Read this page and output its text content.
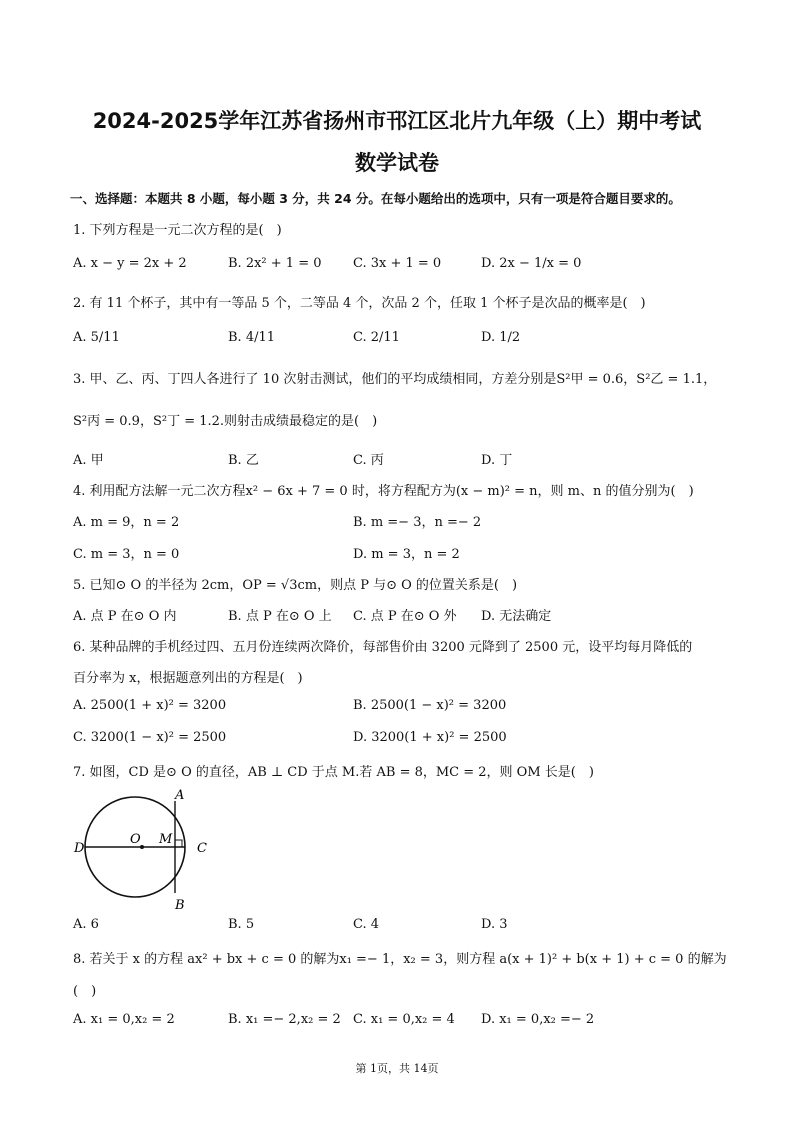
2024-2025学年江苏省扬州市邗江区北片九年级（上）期中考试
数学试卷
一、选择题：本题共 8 小题，每小题 3 分，共 24 分。在每小题给出的选项中，只有一项是符合题目要求的。
1. 下列方程是一元二次方程的是(　)
A. x − y = 2x + 2	B. 2x² + 1 = 0 C. 3x + 1 = 0	D. 2x − 1/x = 0
2. 有 11 个杯子，其中有一等品 5 个，二等品 4 个，次品 2 个，任取 1 个杯子是次品的概率是(　)
A. 5/11	B. 4/11	C. 2/11	D. 1/2
3. 甲、乙、丙、丁四人各进行了 10 次射击测试，他们的平均成绩相同，方差分别是S²甲 = 0.6，S²乙 = 1.1，
S²丙 = 0.9，S²丁 = 1.2.则射击成绩最稳定的是(　)
A. 甲	B. 乙	C. 丙	D. 丁
4. 利用配方法解一元二次方程x² − 6x + 7 = 0 时，将方程配方为(x − m)² = n，则 m、n 的值分别为(　)
A. m = 9，n = 2	B. m =− 3，n =− 2
C. m = 3，n = 0	D. m = 3，n = 2
5. 已知⊙ O 的半径为 2cm，OP = √3cm，则点 P 与⊙ O 的位置关系是(　)
A. 点 P 在⊙ O 内	B. 点 P 在⊙ O 上 C. 点 P 在⊙ O 外 D. 无法确定
6. 某种品牌的手机经过四、五月份连续两次降价，每部售价由 3200 元降到了 2500 元，设平均每月降低的
百分率为 x，根据题意列出的方程是(　)
A. 2500(1 + x)² = 3200	B. 2500(1 − x)² = 3200
C. 3200(1 − x)² = 2500	D. 3200(1 + x)² = 2500
7. 如图，CD 是⊙ O 的直径，AB ⊥ CD 于点 M.若 AB = 8，MC = 2，则 OM 长是(　)
A
B
C
D
O M
A. 6	B. 5	C. 4	D. 3
8. 若关于 x 的方程 ax² + bx + c = 0 的解为x₁ =− 1，x₂ = 3，则方程 a(x + 1)² + b(x + 1) + c = 0 的解为
(　)
A. x₁ = 0,x₂ = 2	B. x₁ =− 2,x₂ = 2 C. x₁ = 0,x₂ = 4 D. x₁ = 0,x₂ =− 2
第 1页，共 14页
